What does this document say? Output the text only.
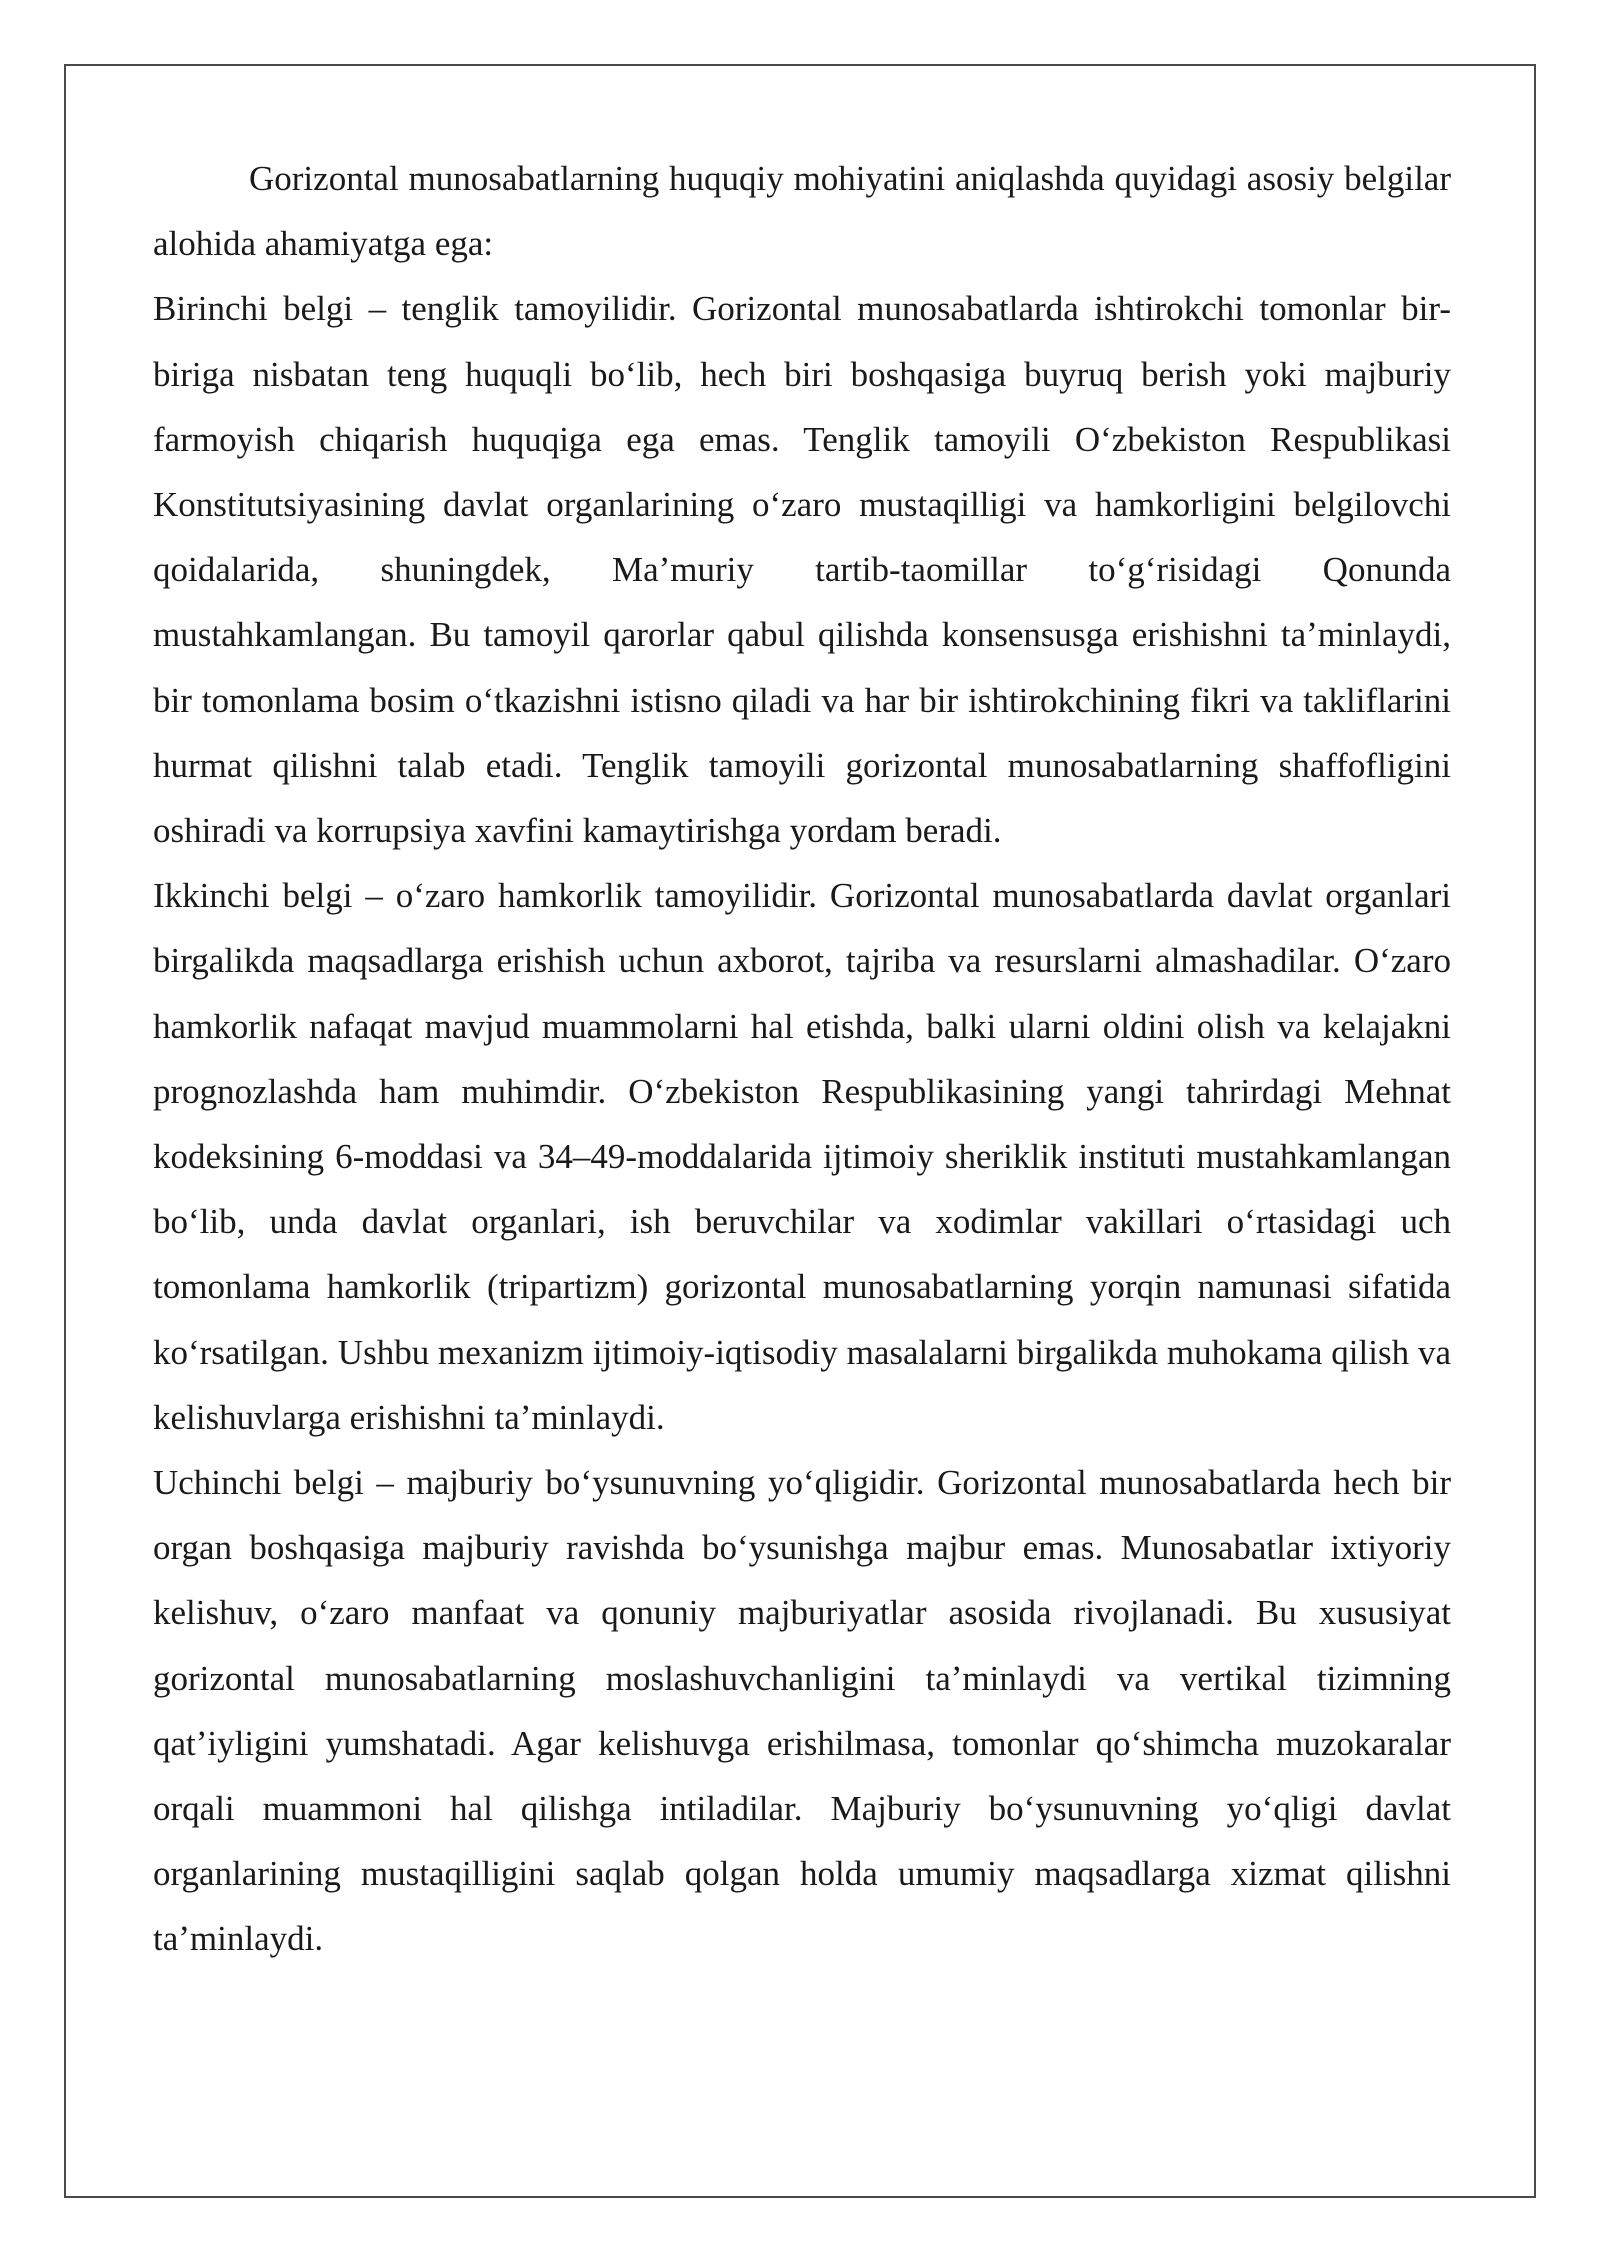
Gorizontal munosabatlarning huquqiy mohiyatini aniqlashda quyidagi asosiy belgilar alohida ahamiyatga ega:

Birinchi belgi – tenglik tamoyilidir. Gorizontal munosabatlarda ishtirokchi tomonlar bir-biriga nisbatan teng huquqli boʻlib, hech biri boshqasiga buyruq berish yoki majburiy farmoyish chiqarish huquqiga ega emas. Tenglik tamoyili Oʻzbekiston Respublikasi Konstitutsiyasining davlat organlarining oʻzaro mustaqilligi va hamkorligini belgilovchi qoidalarida, shuningdek, Maʼmuriy tartib-taomillar toʻgʻrisidagi Qonunda mustahkamlangan. Bu tamoyil qarorlar qabul qilishda konsensusga erishishni taʼminlaydi, bir tomonlama bosim oʻtkazishni istisno qiladi va har bir ishtirokchining fikri va takliflarini hurmat qilishni talab etadi. Tenglik tamoyili gorizontal munosabatlarning shaffofligini oshiradi va korrupsiya xavfini kamaytirishga yordam beradi.

Ikkinchi belgi – oʻzaro hamkorlik tamoyilidir. Gorizontal munosabatlarda davlat organlari birgalikda maqsadlarga erishish uchun axborot, tajriba va resurslarni almashadilar. Oʻzaro hamkorlik nafaqat mavjud muammolarni hal etishda, balki ularni oldini olish va kelajakni prognozlashda ham muhimdir. Oʻzbekiston Respublikasining yangi tahrirdagi Mehnat kodeksining 6-moddasi va 34–49-moddalarida ijtimoiy sheriklik instituti mustahkamlangan boʻlib, unda davlat organlari, ish beruvchilar va xodimlar vakillari oʻrtasidagi uch tomonlama hamkorlik (tripartizm) gorizontal munosabatlarning yorqin namunasi sifatida koʻrsatilgan. Ushbu mexanizm ijtimoiy-iqtisodiy masalalarni birgalikda muhokama qilish va kelishuvlarga erishishni taʼminlaydi.

Uchinchi belgi – majburiy boʻysunuvning yoʻqligidir. Gorizontal munosabatlarda hech bir organ boshqasiga majburiy ravishda boʻysunishga majbur emas. Munosabatlar ixtiyoriy kelishuv, oʻzaro manfaat va qonuniy majburiyatlar asosida rivojlanadi. Bu xususiyat gorizontal munosabatlarning moslashuvchanligini taʼminlaydi va vertikal tizimning qatʼiyligini yumshatadi. Agar kelishuvga erishilmasa, tomonlar qoʻshimcha muzokaralar orqali muammoni hal qilishga intiladilar. Majburiy boʻysunuvning yoʻqligi davlat organlarining mustaqilligini saqlab qolgan holda umumiy maqsadlarga xizmat qilishni taʼminlaydi.
